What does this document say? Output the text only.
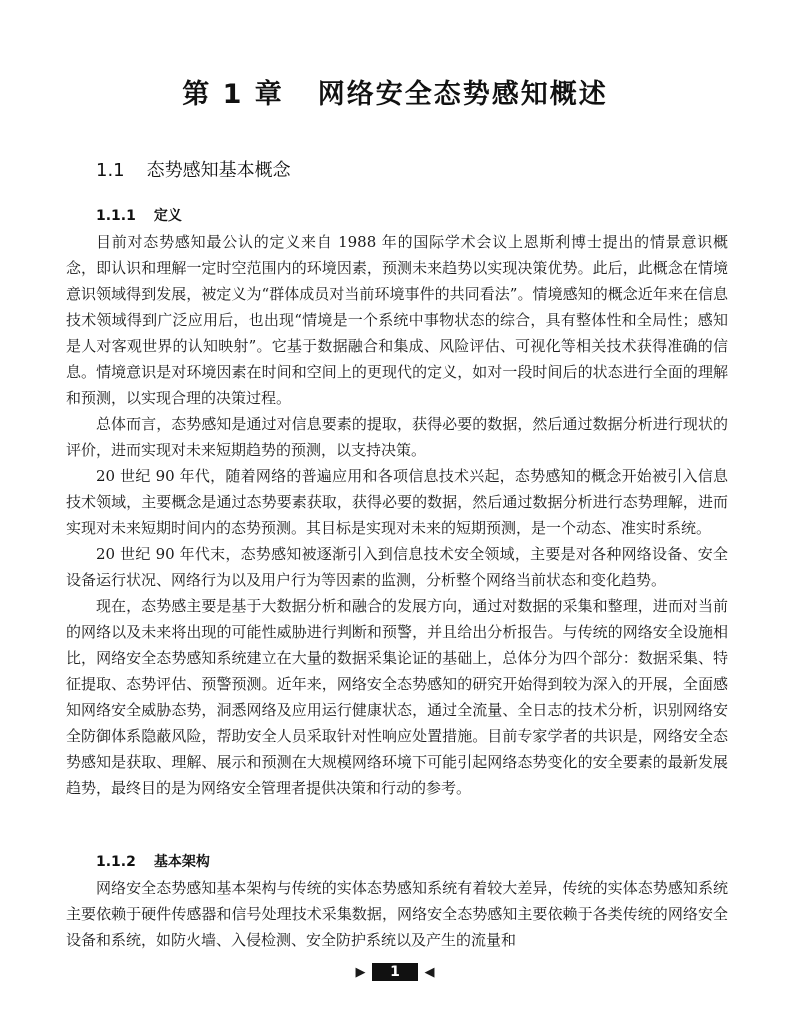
第 1 章 网络安全态势感知概述
1.1 态势感知基本概念
1.1.1 定义

目前对态势感知最公认的定义来自 1988 年的国际学术会议上恩斯利博士提出的情景意识概念，即认识和理解一定时空范围内的环境因素，预测未来趋势以实现决策优势。此后，此概念在情境意识领域得到发展，被定义为“群体成员对当前环境事件的共同看法”。情境感知的概念近年来在信息技术领域得到广泛应用后，也出现“情境是一个系统中事物状态的综合，具有整体性和全局性；感知是人对客观世界的认知映射”。它基于数据融合和集成、风险评估、可视化等相关技术获得准确的信息。情境意识是对环境因素在时间和空间上的更现代的定义，如对一段时间后的状态进行全面的理解和预测，以实现合理的决策过程。

总体而言，态势感知是通过对信息要素的提取，获得必要的数据，然后通过数据分析进行现状的评价，进而实现对未来短期趋势的预测，以支持决策。

20 世纪 90 年代，随着网络的普遍应用和各项信息技术兴起，态势感知的概念开始被引入信息技术领域，主要概念是通过态势要素获取，获得必要的数据，然后通过数据分析进行态势理解，进而实现对未来短期时间内的态势预测。其目标是实现对未来的短期预测，是一个动态、准实时系统。

20 世纪 90 年代末，态势感知被逐渐引入到信息技术安全领域，主要是对各种网络设备、安全设备运行状况、网络行为以及用户行为等因素的监测，分析整个网络当前状态和变化趋势。

现在，态势感主要是基于大数据分析和融合的发展方向，通过对数据的采集和整理，进而对当前的网络以及未来将出现的可能性威胁进行判断和预警，并且给出分析报告。与传统的网络安全设施相比，网络安全态势感知系统建立在大量的数据采集论证的基础上，总体分为四个部分：数据采集、特征提取、态势评估、预警预测。近年来，网络安全态势感知的研究开始得到较为深入的开展，全面感知网络安全威胁态势，洞悉网络及应用运行健康状态，通过全流量、全日志的技术分析，识别网络安全防御体系隐蔽风险，帮助安全人员采取针对性响应处置措施。目前专家学者的共识是，网络安全态势感知是获取、理解、展示和预测在大规模网络环境下可能引起网络态势变化的安全要素的最新发展趋势，最终目的是为网络安全管理者提供决策和行动的参考。

1.1.2 基本架构

网络安全态势感知基本架构与传统的实体态势感知系统有着较大差异，传统的实体态势感知系统主要依赖于硬件传感器和信号处理技术采集数据，网络安全态势感知主要依赖于各类传统的网络安全设备和系统，如防火墙、入侵检测、安全防护系统以及产生的流量和

▶ 1 ◀
